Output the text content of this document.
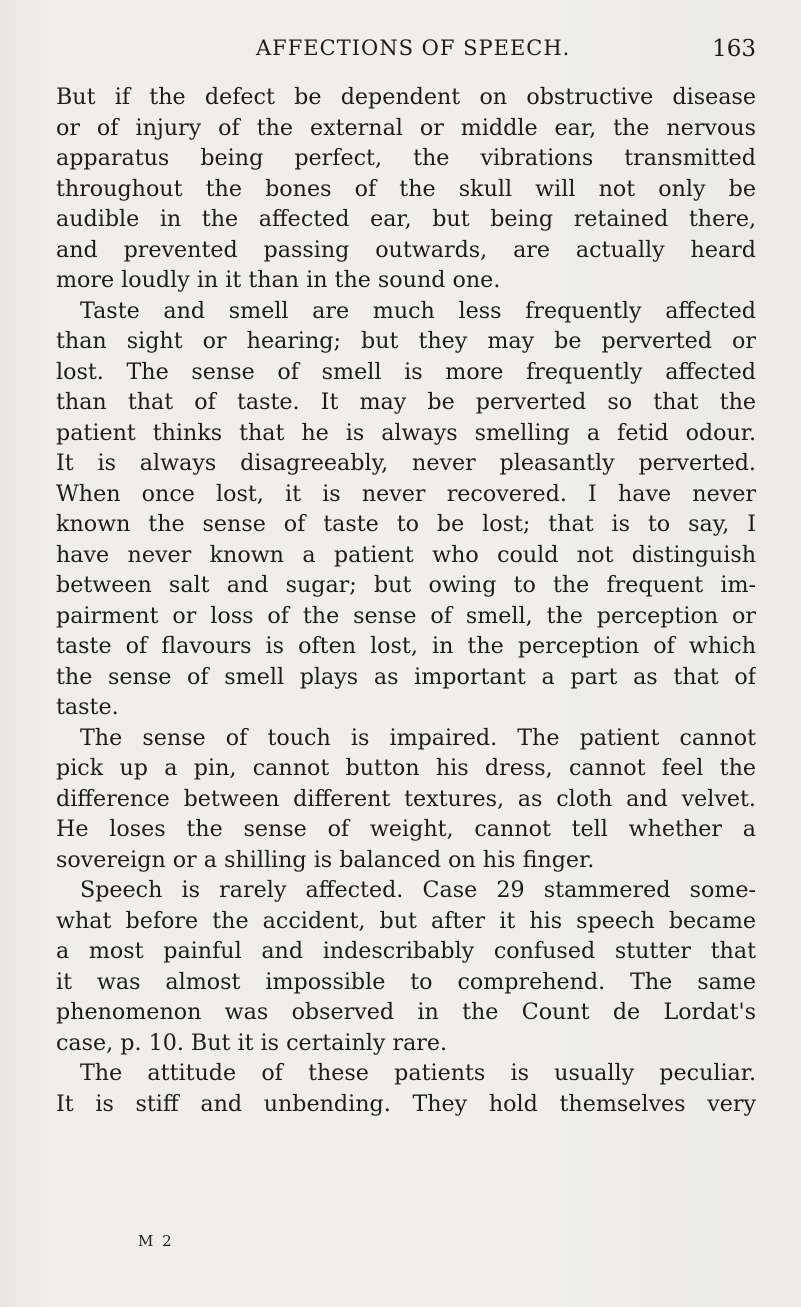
AFFECTIONS OF SPEECH.	163
But if the defect be dependent on obstructive disease
or of injury of the external or middle ear, the nervous
apparatus being perfect, the vibrations transmitted
throughout the bones of the skull will not only be
audible in the affected ear, but being retained there,
and prevented passing outwards, are actually heard
more loudly in it than in the sound one.
Taste and smell are much less frequently affected
than sight or hearing; but they may be perverted or
lost. The sense of smell is more frequently affected
than that of taste. It may be perverted so that the
patient thinks that he is always smelling a fetid odour.
It is always disagreeably, never pleasantly perverted.
When once lost, it is never recovered. I have never
known the sense of taste to be lost; that is to say, I
have never known a patient who could not distinguish
between salt and sugar; but owing to the frequent im-
pairment or loss of the sense of smell, the perception or
taste of flavours is often lost, in the perception of which
the sense of smell plays as important a part as that of
taste.
The sense of touch is impaired. The patient cannot
pick up a pin, cannot button his dress, cannot feel the
difference between different textures, as cloth and velvet.
He loses the sense of weight, cannot tell whether a
sovereign or a shilling is balanced on his finger.
Speech is rarely affected. Case 29 stammered some-
what before the accident, but after it his speech became
a most painful and indescribably confused stutter that
it was almost impossible to comprehend. The same
phenomenon was observed in the Count de Lordat's
case, p. 10. But it is certainly rare.
The attitude of these patients is usually peculiar.
It is stiff and unbending. They hold themselves very
M 2
